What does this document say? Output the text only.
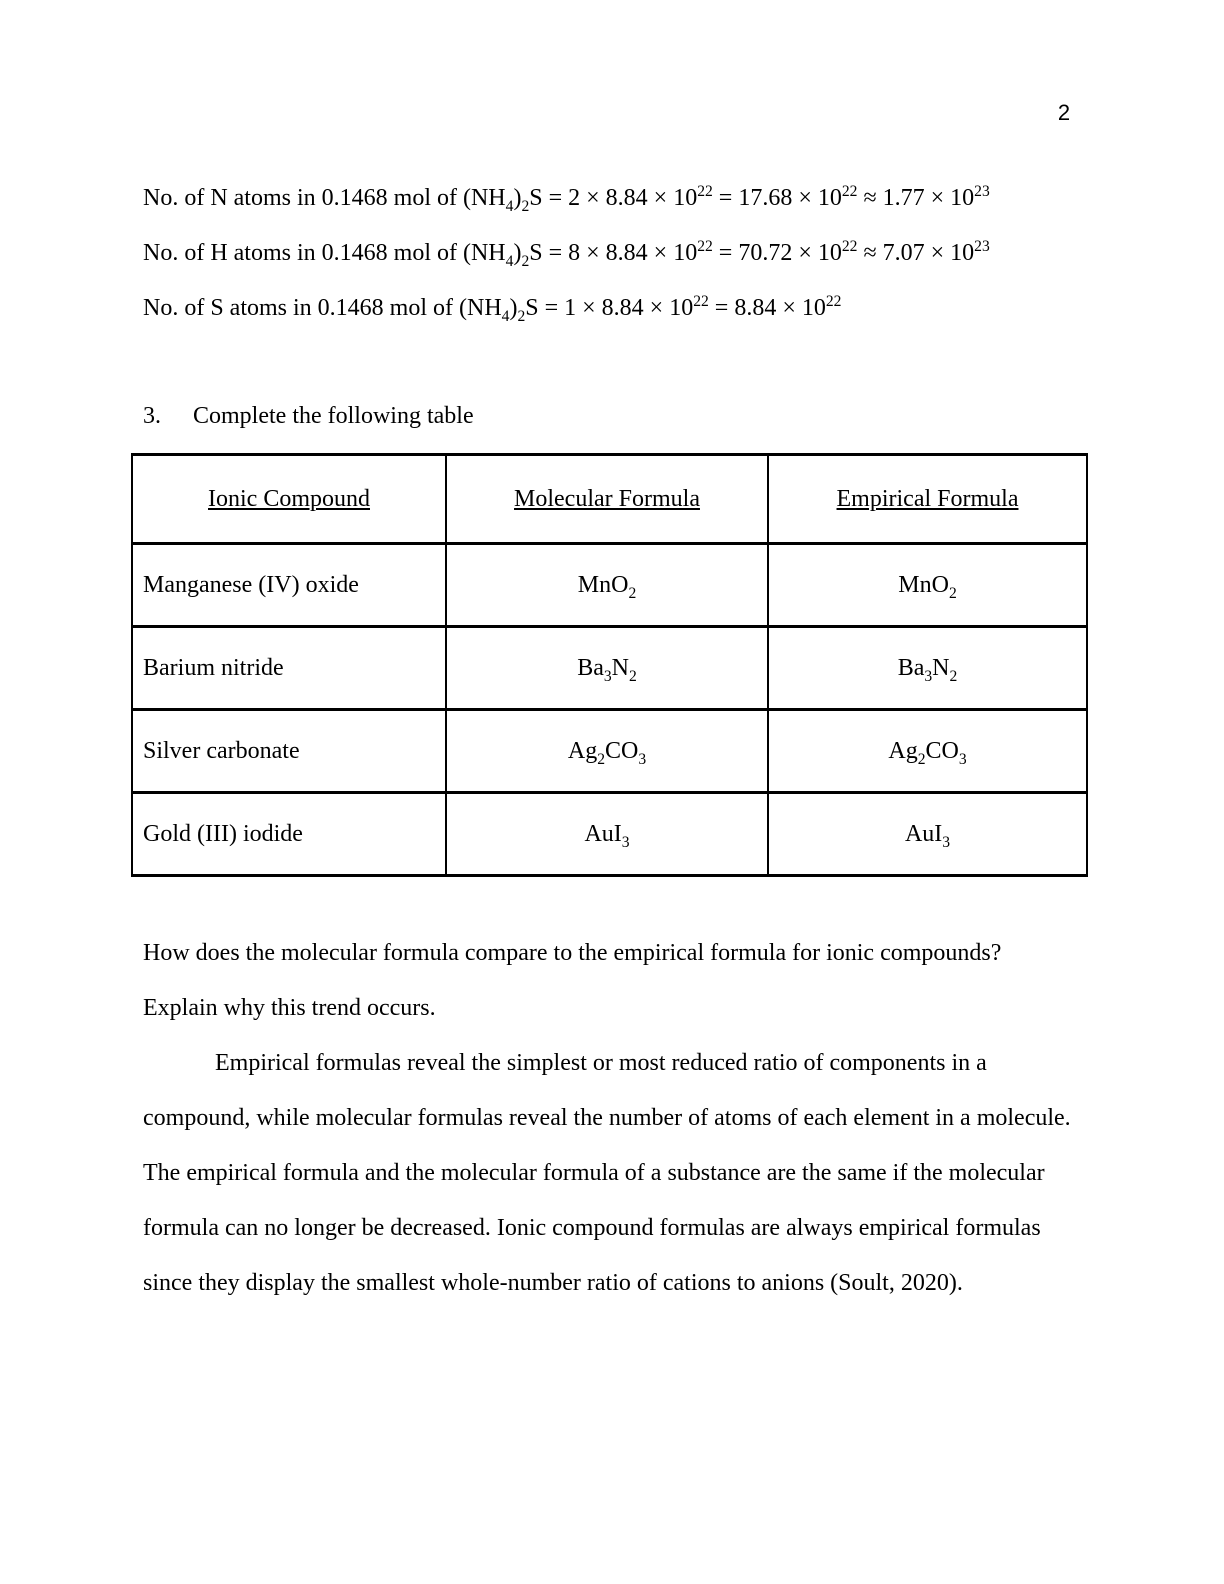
2
No. of N atoms in 0.1468 mol of $(NH_4)_2S = 2 \times 8.84 \times 10^{22} = 17.68 \times 10^{22} \approx 1.77 \times 10^{23}$
No. of H atoms in 0.1468 mol of $(NH_4)_2S = 8 \times 8.84 \times 10^{22} = 70.72 \times 10^{22} \approx 7.07 \times 10^{23}$
No. of S atoms in 0.1468 mol of $(NH_4)_2S = 1 \times 8.84 \times 10^{22} = 8.84 \times 10^{22}$
3. Complete the following table
Ionic Compound	Molecular Formula	Empirical Formula
Manganese (IV) oxide	MnO$_2$	MnO$_2$
Barium nitride	$Ba_3N_2$	$Ba_3N_2$
Silver carbonate	$Ag_2CO_3$	$Ag_2CO_3$
Gold (III) iodide	AuI$_3$	AuI$_3$
How does the molecular formula compare to the empirical formula for ionic compounds?
Explain why this trend occurs.
Empirical formulas reveal the simplest or most reduced ratio of components in a
compound, while molecular formulas reveal the number of atoms of each element in a molecule.
The empirical formula and the molecular formula of a substance are the same if the molecular
formula can no longer be decreased. Ionic compound formulas are always empirical formulas
since they display the smallest whole-number ratio of cations to anions (Soult, 2020).
